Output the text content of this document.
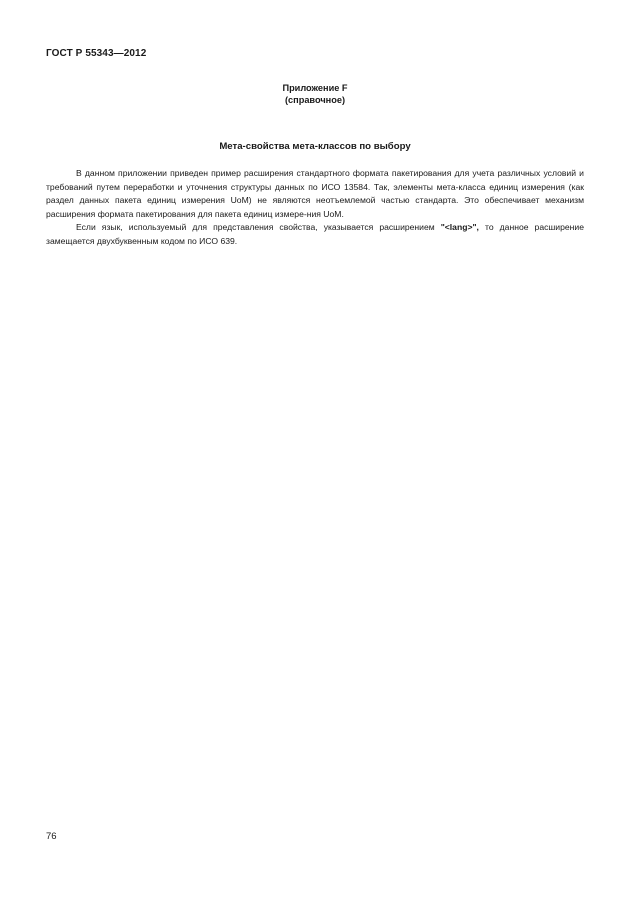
ГОСТ Р 55343—2012
Приложение F
(справочное)
Мета-свойства мета-классов по выбору

В данном приложении приведен пример расширения стандартного формата пакетирования для учета различных условий и требований путем переработки и уточнения структуры данных по ИСО 13584. Так, элементы мета-класса единиц измерения (как раздел данных пакета единиц измерения UoM) не являются неотъемлемой частью стандарта. Это обеспечивает механизм расширения формата пакетирования для пакета единиц измере-ния UoM.

Если язык, используемый для представления свойства, указывается расширением "<lang>", то данное расширение замещается двухбуквенным кодом по ИСО 639.

76
